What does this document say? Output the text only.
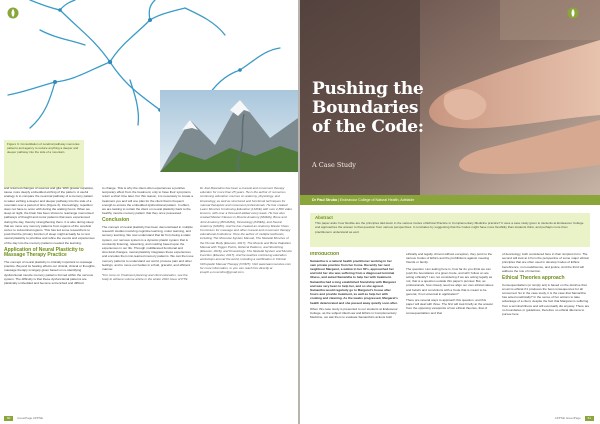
Figure 3. Consolidation of cerebral pathway memories patterns and agency to reduce anything a deeper and deeper pathway into the side of a mountain

and returned changes of sources and glia. With greater repetition, cause more deeply embedded etching of the pattern. A useful analogy is to compare the neuronal pathway of a memory pattern to water etching a deeper and deeper pathway into the side of a mountain over a period of time (Figure 3). Interestingly, repetition does not have to occur with during the waking hours. When we sleep at night, the brain has been shown to rearrange memorised pathways of thought and motor patterns that were experienced during the day, thereby strengthening them. It is also during sleep that we move any memory patterns from regions of the cerebral cortex to subcortical regions. This has led some researchers to posit that the primary function of sleep might actually be to rest neural plasticity to prioritise and refine the events and experiences of the day into the memory patterns needed the learning.

Application of Neural Plasticity to Massage Therapy Practice

The concept of neural plasticity is critically important to massage practice. Beyond its healing effects our clinical, clinical or thoughts, massage therapy is largely given based on re-identifying dysfunctional muscle memory patterns formed within the nervous system. The difficulty is that these dysfunctional patterns are plastically embedded and become entrenched and difficult

to change. This is why the client often experiences a positive temporary effect from the treatment, only to have their symptoms return a short time later. For this reason, it is necessary to create a treatment you and will one plan for the client that is frequent enough to ensure the embedded dysfunctional pattern. In effect, we are looking to retrain the client on neural plasticity back to the healthy muscle memory pattern that they once possessed.

Conclusion

The concept of neural plasticity has been demonstrated in multiple research studies involving cognitive learning, motor learning, and sensory learning. We now understand that far from being a static system, our nervous system is a dynamic plastic system that is constantly listening, relearning, and molding based upon the experiences in our life. Through multifaceted functional and structural changes, neural plasticity integrates these experiences and encodes them into learned memory patterns. We can then use memory patterns to understand our world, process pain and other feelings, and to move our bodies in a fluid, graceful, and efficient manner.

*For more on Treatment planning and client education, see the body to achieve volume article in the winter 2021 issue of PTS.

Dr Joel Mascalino has been a manual and movement therapy educator for more than 25 years. He is the author of numerous continuing education courses on anatomy, physiology, and kinesiology, as well as structured and functional techniques for manual therapists and movement professionals. He has created Learn Muscles Continuing Education (LMCE) with over 2,800 video lessons, with over a thousand added every week. He has also created Master Classes in Muscle Anatomy (MAMA), Bone and Joint Anatomy (BOJAMA), Kinesiology (KINES), and Neural Anatomy (NAMC). And he has created an Anatomy Master Class Curriculum for massage and other manual and movement therapy educational institutions. Here the author of multiple textbooks, including The Muscular System Manual, The Skeletal Muscles of the Human Body (Elsevier, 2017), The Muscle and Bone Palpation Manual with Trigger Points, Referral Patterns, and Stretching (Elsevier, 2016), and Kinesiology: The Skeletal System and Muscle Function (Elsevier, 2017). And he teaches continuing education workshops around the world, including a certification in Clinical Orthopedic Manual Therapy (COMT). Visit www.learnmuscles.com for more information, or you can reach him directly at joseph.e.muscolino@gmail.com.

60 Issue/Page APPNE
Pushing the
Boundaries
of the Code:
A Case Study
Dr Paul Struba | Endeavour College of Natural Health, Adelaide
Abstract
This paper asks: how flexible are the principles laid down in the various Codes of Ethical Practice in Complementary Medicine practice? It uses a case study given to students at Endeavour College and approaches the answer to that question from various perspectives. It concludes by suggesting that the Codes might have more flexibility than students think, and perhaps more than practitioners understand as well.
Introduction

Samantha is a natural health practitioner working in her own private practice from her home. Recently her next neighbour Margaret, a widow in her 60's, approached her and told her she was suffering from a diagnosed terminal illness, and asked Samantha to help her with treatment. Samantha had a long established friendship with Margaret and was very keen to help her, and so she agreed. Samantha would regularly go to Margaret's house after hours and provide treatment, as well as help her with cooking and cleaning. As the weeks progressed, Margaret's health deteriorated and she passed away quietly soon after.

When this case study is presented to our students at Endeavour College, as the subject titled Law and Ethics in Complementary Medicine, we ask them to evaluate Samantha's actions both

ethically and legally. Almost without exception, they point to the various Codes of Ethics and the prohibitions against meeting friends or family.

The question I am asking here is, how far do you think we can push the boundaries of a given Code, and will I follow on are acting ethically? I am not considering if we are acting legally as not; that is a question outside this paper's purview. But, as professionals, how closely need we align our own ethical values and beliefs and convictions with a Code that is meant to be general, if not universal in application?

There are several ways to approach this question, and this paper will deal with three. The first will look briefly at the answer from the opposing viewpoints of two ethical theories, that of consequentialism and that

of deontology, both considered here in their simplest form. The second will look at it from the perspective of some major ethical principles that are often used in develop Codes of Ethics: beneficence, non-maleficence, and justice. And the third will address the role of intention.

Ethical Theories approach

Consequentialism (or simply act) is based on the doctrine that an act is ethical if it produces the best consequences for all concerned. So in the case study, it is the case that Samantha has acted unethically? In the sense of her actions to take advantage of a client, despite the fact that Margaret is suffering from a terminal illness and will eventually die anyway. There are no boundaries or guidelines, therefore no ethical dilemma to pursue here.

APPNE Issue/Page 61
